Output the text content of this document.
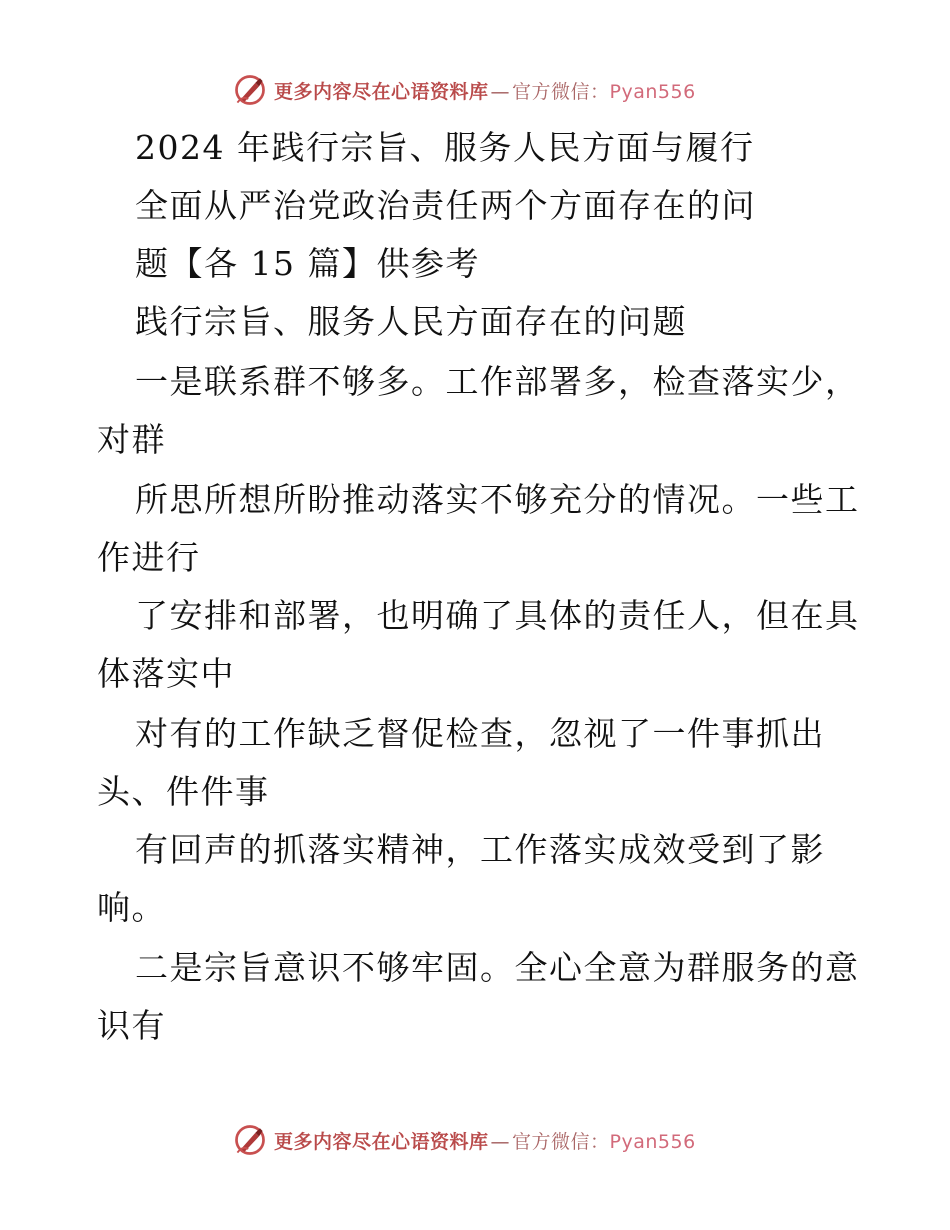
更多内容尽在心语资料库 — 官方微信：Pyan556
2024 年践行宗旨、服务人民方面与履行
全面从严治党政治责任两个方面存在的问
题【各 15 篇】供参考
践行宗旨、服务人民方面存在的问题
一是联系群不够多。工作部署多，检查落实少，
对群
所思所想所盼推动落实不够充分的情况。一些工
作进行
了安排和部署，也明确了具体的责任人，但在具
体落实中
对有的工作缺乏督促检查，忽视了一件事抓出
头、件件事
有回声的抓落实精神，工作落实成效受到了影
响。
二是宗旨意识不够牢固。全心全意为群服务的意
识有
更多内容尽在心语资料库 — 官方微信：Pyan556
